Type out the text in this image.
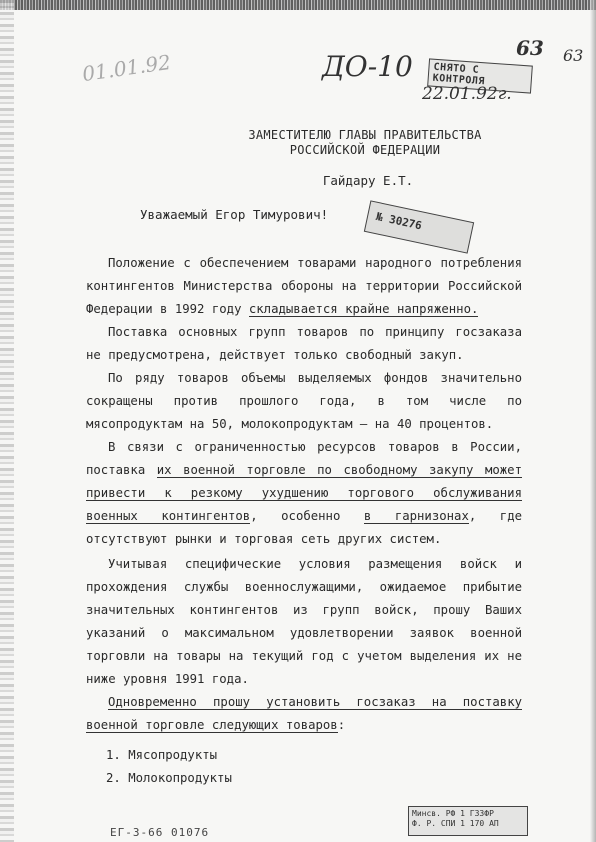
01.01.92	ДО-10
63 63
СНЯТО С КОНТРОЛЯ
22.01.92г.
№ 30276
ЗАМЕСТИТЕЛЮ ГЛАВЫ ПРАВИТЕЛЬСТВА
РОССИЙСКОЙ ФЕДЕРАЦИИ
Гайдару Е.Т.
Уважаемый Егор Тимурович!

Положение с обеспечением товарами народного потребления контингентов Министерства обороны на территории Российской Федерации в 1992 году складывается крайне напряженно.

Поставка основных групп товаров по принципу госзаказа не предусмотрена, действует только свободный закуп.

По ряду товаров объемы выделяемых фондов значительно сокращены против прошлого года, в том числе по мясопродуктам на 50, молокопродуктам – на 40 процентов.

В связи с ограниченностью ресурсов товаров в России, поставка их военной торговле по свободному закупу может привести к резкому ухудшению торгового обслуживания военных контингентов, особенно в гарнизонах, где отсутствуют рынки и торговая сеть других систем.

Учитывая специфические условия размещения войск и прохождения службы военнослужащими, ожидаемое прибытие значительных контингентов из групп войск, прошу Ваших указаний о максимальном удовлетворении заявок военной торговли на товары на текущий год с учетом выделения их не ниже уровня 1991 года.

Одновременно прошу установить госзаказ на поставку военной торговле следующих товаров:

1. Мясопродукты
2. Молокопродукты
ЕГ-3-66 01076
Минсв. РФ 1 ГЗЗФР
Ф. Р. СПИ 1 170 АП
